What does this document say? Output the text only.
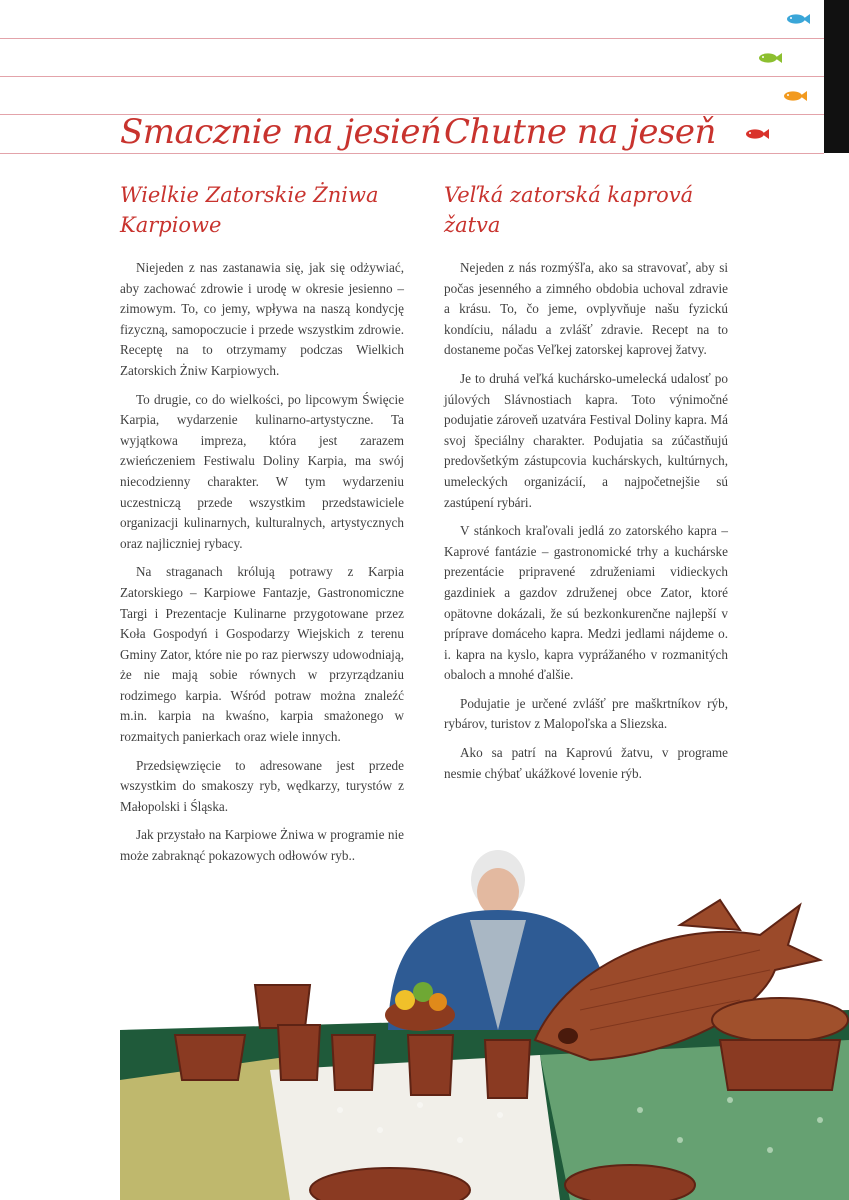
Smacznie na jesień Chutne na jeseň
Wielkie Zatorskie Żniwa Karpiowe
Veľká zatorská kaprová žatva

Niejeden z nas zastanawia się, jak się odżywiać, aby zachować zdrowie i urodę w okresie jesienno – zimowym. To, co jemy, wpływa na naszą kondycję fizyczną, samopoczucie i przede wszystkim zdrowie. Receptę na to otrzymamy podczas Wielkich Zatorskich Żniw Karpiowych.

To drugie, co do wielkości, po lipcowym Święcie Karpia, wydarzenie kulinarno-artystyczne. Ta wyjątkowa impreza, która jest zarazem zwieńczeniem Festiwalu Doliny Karpia, ma swój niecodzienny charakter. W tym wydarzeniu uczestniczą przede wszystkim przedstawiciele organizacji kulinarnych, kulturalnych, artystycznych oraz najliczniej rybacy.

Na straganach królują potrawy z Karpia Zatorskiego – Karpiowe Fantazje, Gastronomiczne Targi i Prezentacje Kulinarne przygotowane przez Koła Gospodyń i Gospodarzy Wiejskich z terenu Gminy Zator, które nie po raz pierwszy udowodniają, że nie mają sobie równych w przyrządzaniu rodzimego karpia. Wśród potraw można znaleźć m.in. karpia na kwaśno, karpia smażonego w rozmaitych panierkach oraz wiele innych.

Przedsięwzięcie to adresowane jest przede wszystkim do smakoszy ryb, wędkarzy, turystów z Małopolski i Śląska.

Jak przystało na Karpiowe Żniwa w programie nie może zabraknąć pokazowych odłowów ryb..

Nejeden z nás rozmýšľa, ako sa stravovať, aby si počas jesenného a zimného obdobia uchoval zdravie a krásu. To, čo jeme, ovplyvňuje našu fyzickú kondíciu, náladu a zvlášť zdravie. Recept na to dostaneme počas Veľkej zatorskej kaprovej žatvy.

Je to druhá veľká kuchársko-umelecká udalosť po júlových Slávnostiach kapra. Toto výnimočné podujatie zároveň uzatvára Festival Doliny kapra. Má svoj špeciálny charakter. Podujatia sa zúčastňujú predovšetkým zástupcovia kuchárskych, kultúrnych, umeleckých organizácií, a najpočetnejšie sú zastúpení rybári.

V stánkoch kraľovali jedlá zo zatorského kapra – Kaprové fantázie – gastronomické trhy a kuchárske prezentácie pripravené združeniami vidieckych gazdiniek a gazdov združenej obce Zator, ktoré opätovne dokázali, že sú bezkonkurenčne najlepší v príprave domáceho kapra. Medzi jedlami nájdeme o. i. kapra na kyslo, kapra vyprážaného v rozmanitých obaloch a mnohé ďalšie.

Podujatie je určené zvlášť pre maškrtníkov rýb, rybárov, turistov z Malopoľska a Sliezska.

Ako sa patrí na Kaprovú žatvu, v programe nesmie chýbať ukážkové lovenie rýb.
